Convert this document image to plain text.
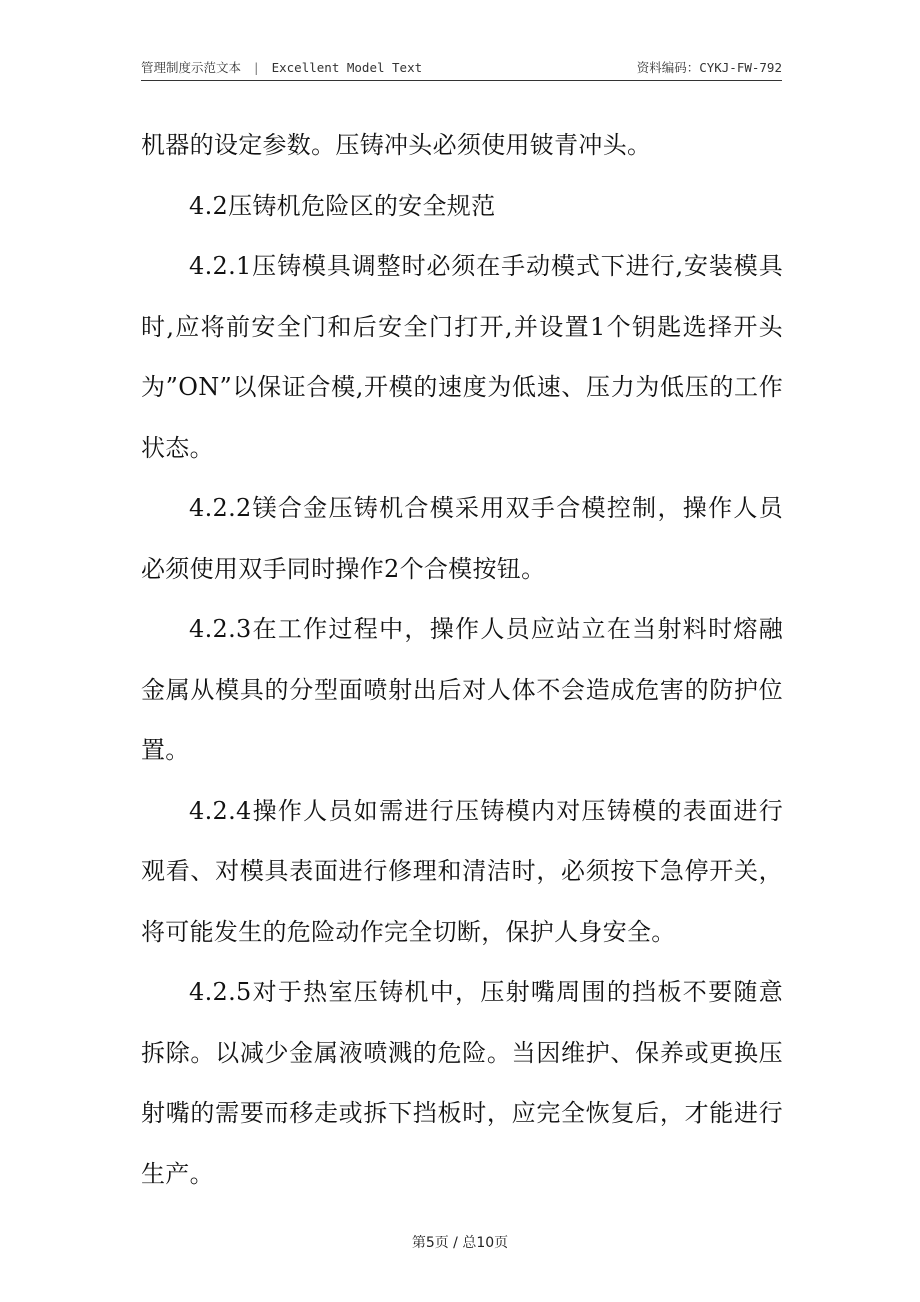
管理制度示范文本 | Excellent Model Text	资料编码：CYKJ-FW-792

机器的设定参数。压铸冲头必须使用铍青冲头。

4.2压铸机危险区的安全规范

4.2.1压铸模具调整时必须在手动模式下进行,安装模具时,应将前安全门和后安全门打开,并设置1个钥匙选择开头为”ON”以保证合模,开模的速度为低速、压力为低压的工作状态。

4.2.2镁合金压铸机合模采用双手合模控制，操作人员必须使用双手同时操作2个合模按钮。

4.2.3在工作过程中，操作人员应站立在当射料时熔融金属从模具的分型面喷射出后对人体不会造成危害的防护位置。

4.2.4操作人员如需进行压铸模内对压铸模的表面进行观看、对模具表面进行修理和清洁时，必须按下急停开关，将可能发生的危险动作完全切断，保护人身安全。

4.2.5对于热室压铸机中，压射嘴周围的挡板不要随意拆除。以减少金属液喷溅的危险。当因维护、保养或更换压射嘴的需要而移走或拆下挡板时，应完全恢复后，才能进行生产。

第5页 / 总10页
